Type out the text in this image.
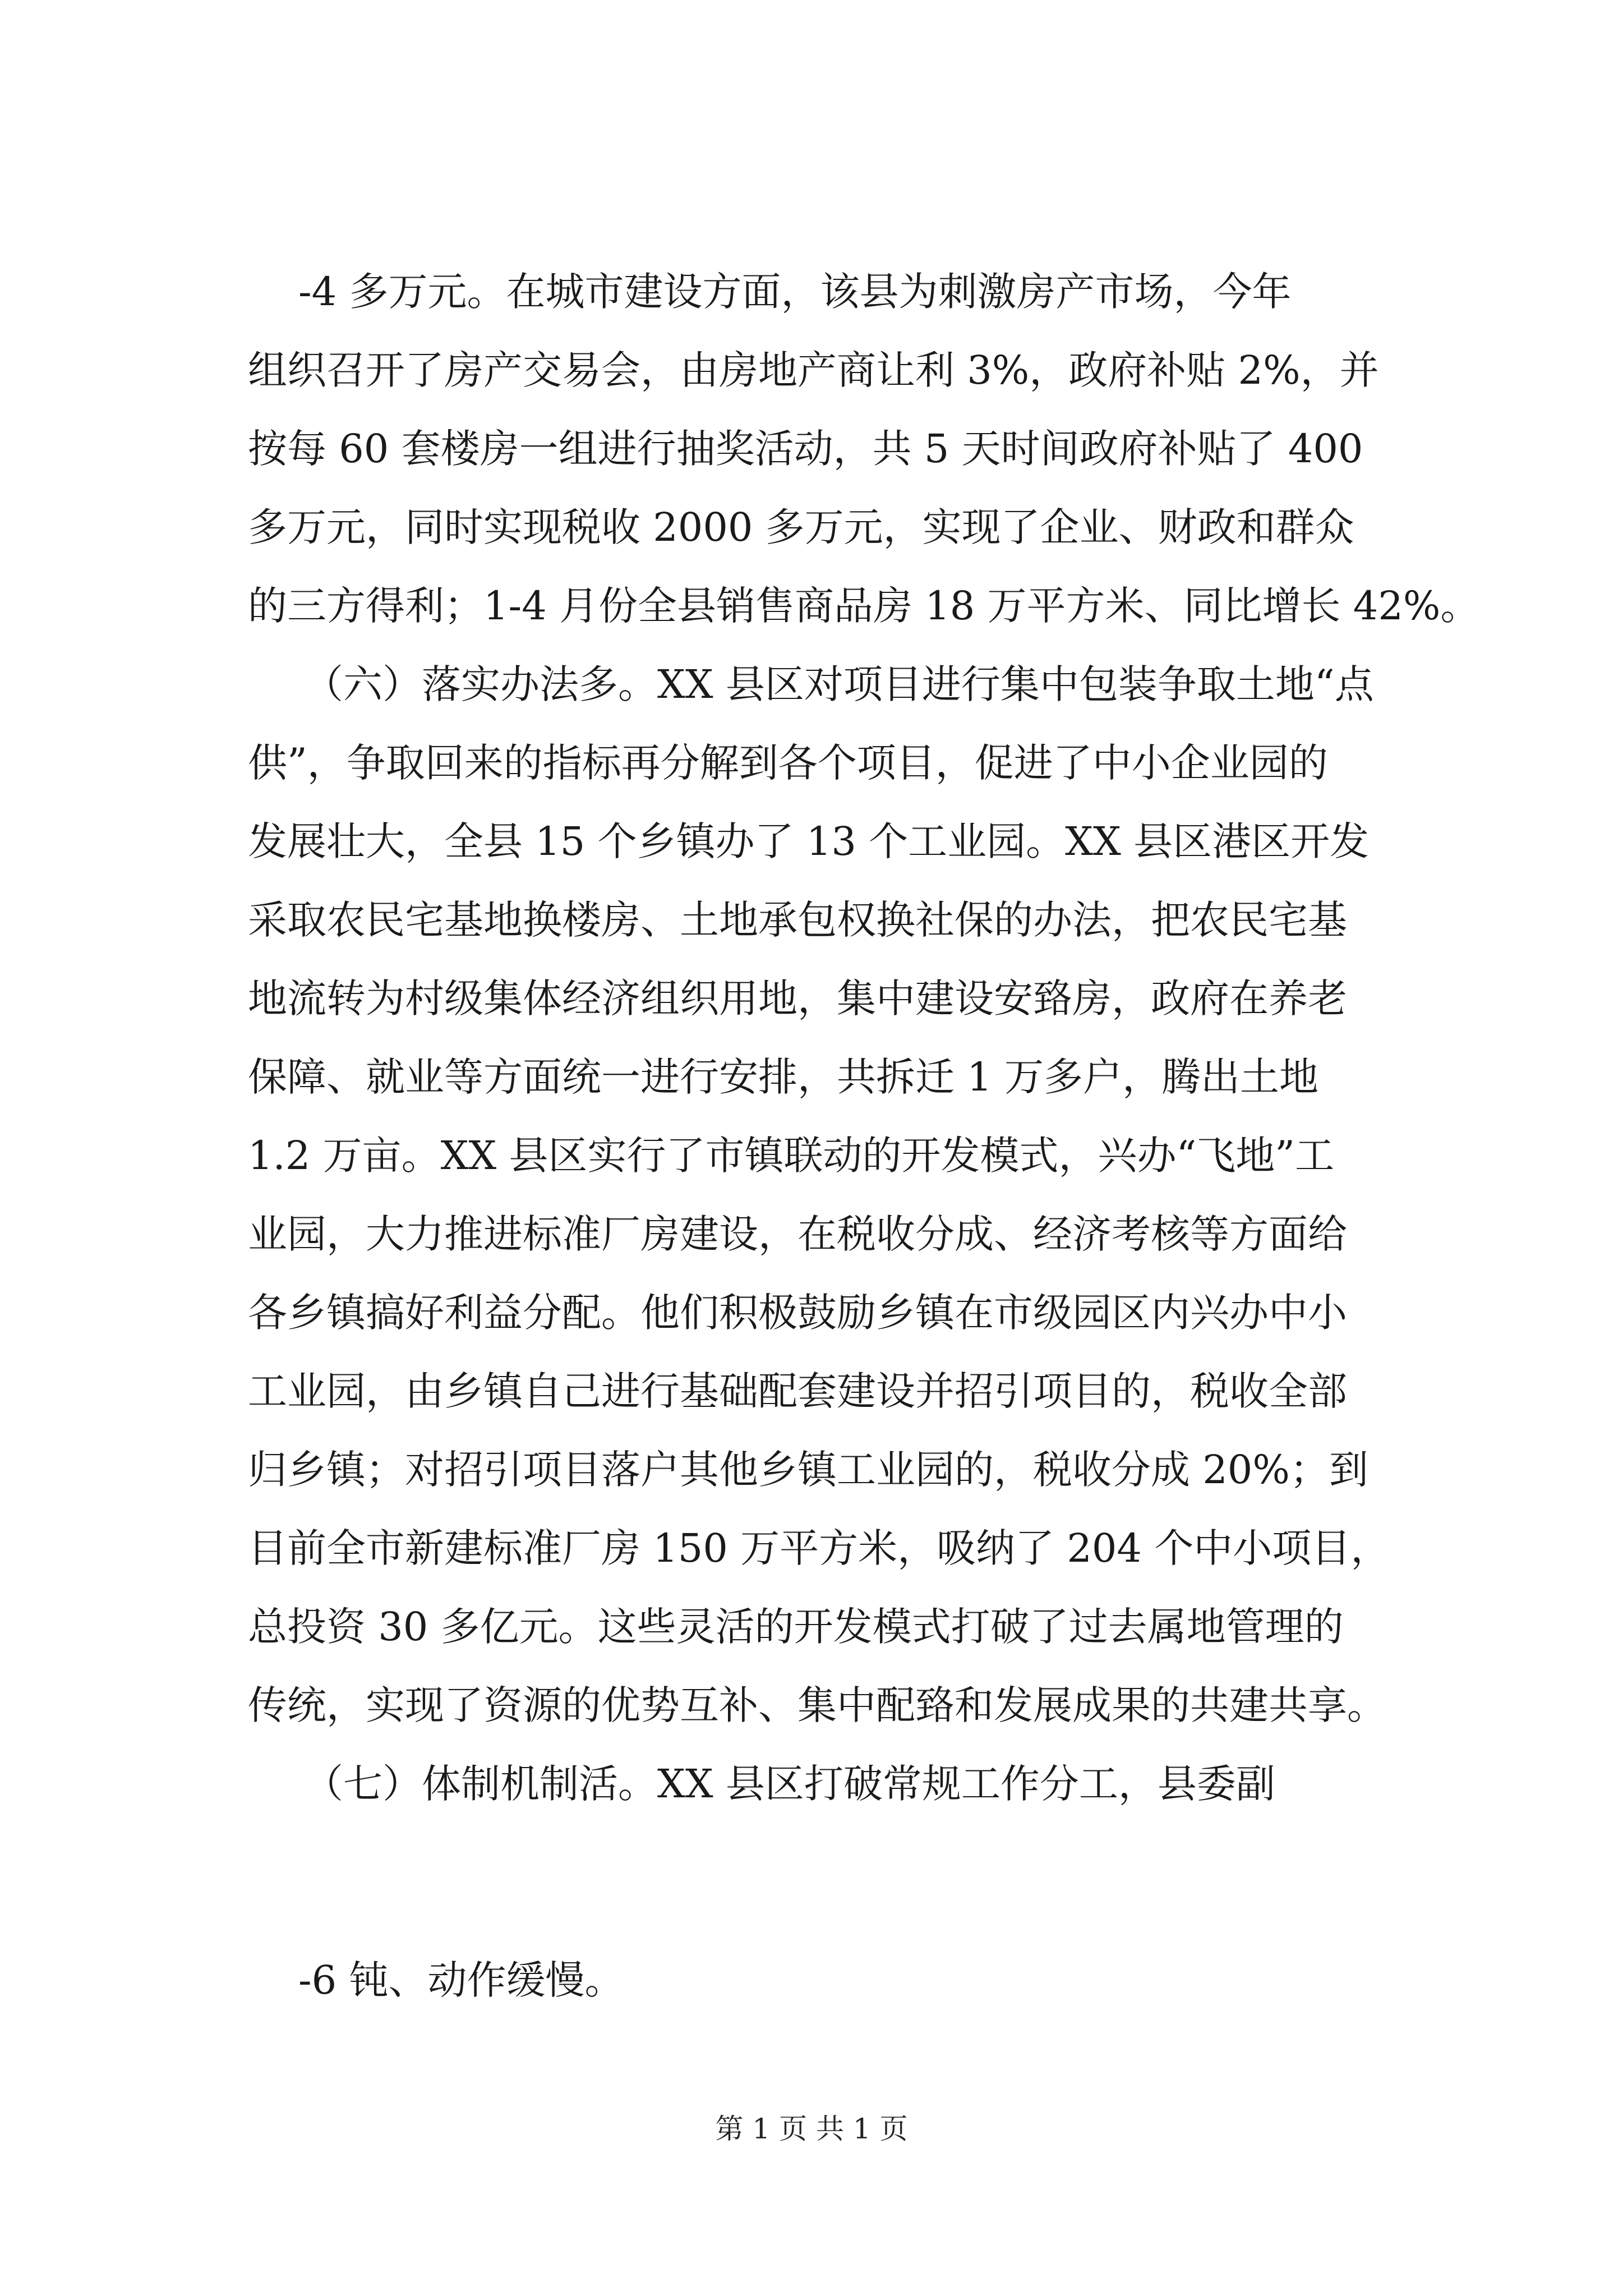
-4 多万元。在城市建设方面，该县为刺激房产市场，今年
组织召开了房产交易会，由房地产商让利 3%，政府补贴 2%，并
按每 60 套楼房一组进行抽奖活动，共 5 天时间政府补贴了 400
多万元，同时实现税收 2000 多万元，实现了企业、财政和群众
的三方得利；1-4 月份全县销售商品房 18 万平方米、同比增长 42%。
（六）落实办法多。XX 县区对项目进行集中包装争取土地“点
供”，争取回来的指标再分解到各个项目，促进了中小企业园的
发展壮大，全县 15 个乡镇办了 13 个工业园。XX 县区港区开发
采取农民宅基地换楼房、土地承包权换社保的办法，把农民宅基
地流转为村级集体经济组织用地，集中建设安臵房，政府在养老
保障、就业等方面统一进行安排，共拆迁 1 万多户，腾出土地
1.2 万亩。XX 县区实行了市镇联动的开发模式，兴办“飞地”工
业园，大力推进标准厂房建设，在税收分成、经济考核等方面给
各乡镇搞好利益分配。他们积极鼓励乡镇在市级园区内兴办中小
工业园，由乡镇自己进行基础配套建设并招引项目的，税收全部
归乡镇；对招引项目落户其他乡镇工业园的，税收分成 20%；到
目前全市新建标准厂房 150 万平方米，吸纳了 204 个中小项目，
总投资 30 多亿元。这些灵活的开发模式打破了过去属地管理的
传统，实现了资源的优势互补、集中配臵和发展成果的共建共享。
（七）体制机制活。XX 县区打破常规工作分工，县委副
-6 钝、动作缓慢。
第 1 页 共 1 页
